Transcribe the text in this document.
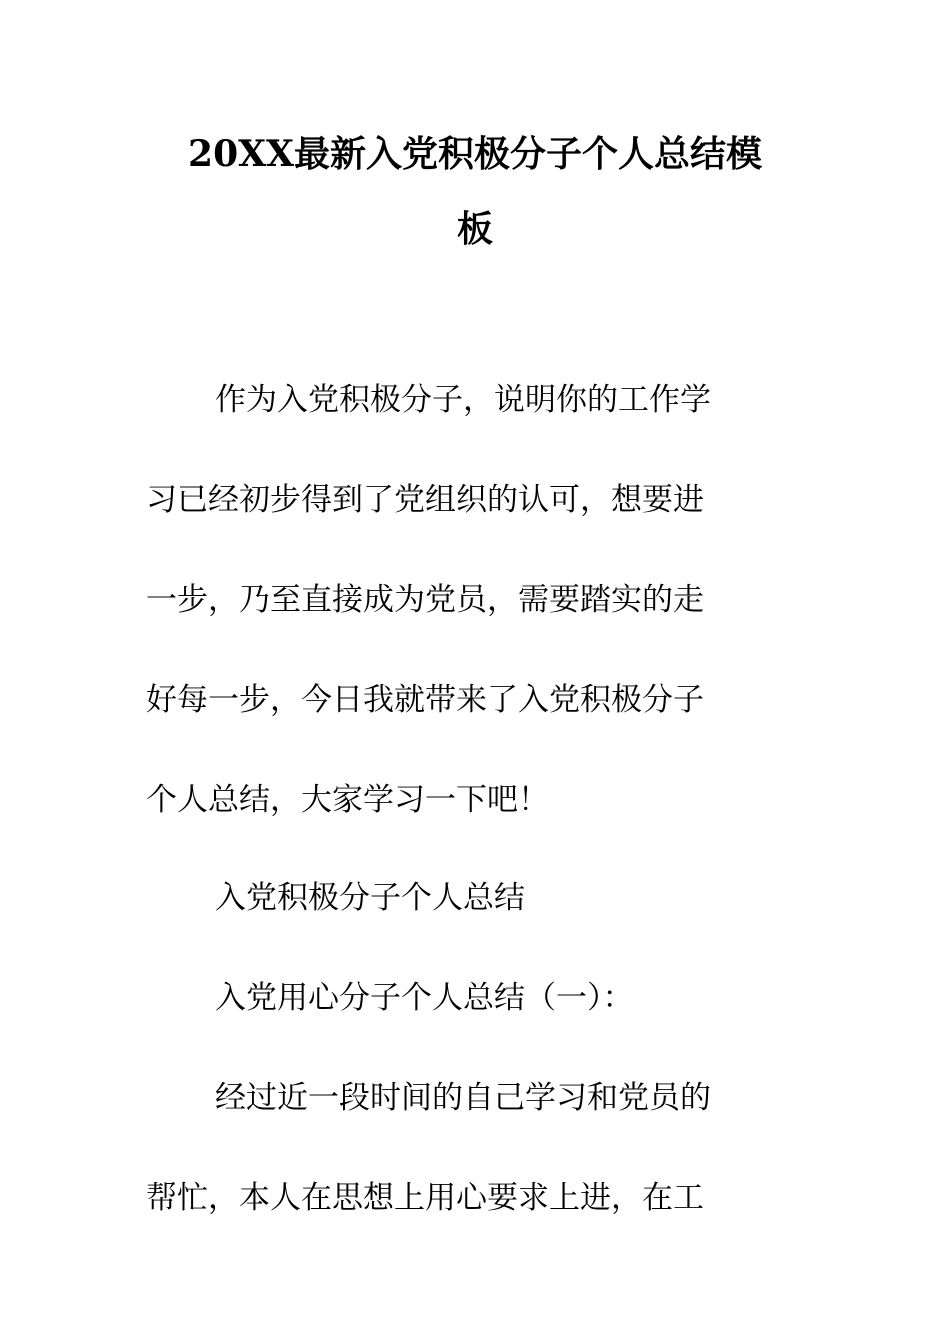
20XX最新入党积极分子个人总结模
板

作为入党积极分子，说明你的工作学

习已经初步得到了党组织的认可，想要进

一步，乃至直接成为党员，需要踏实的走

好每一步，今日我就带来了入党积极分子

个人总结，大家学习一下吧！

入党积极分子个人总结

入党用心分子个人总结（一）：

经过近一段时间的自己学习和党员的

帮忙，本人在思想上用心要求上进，在工
